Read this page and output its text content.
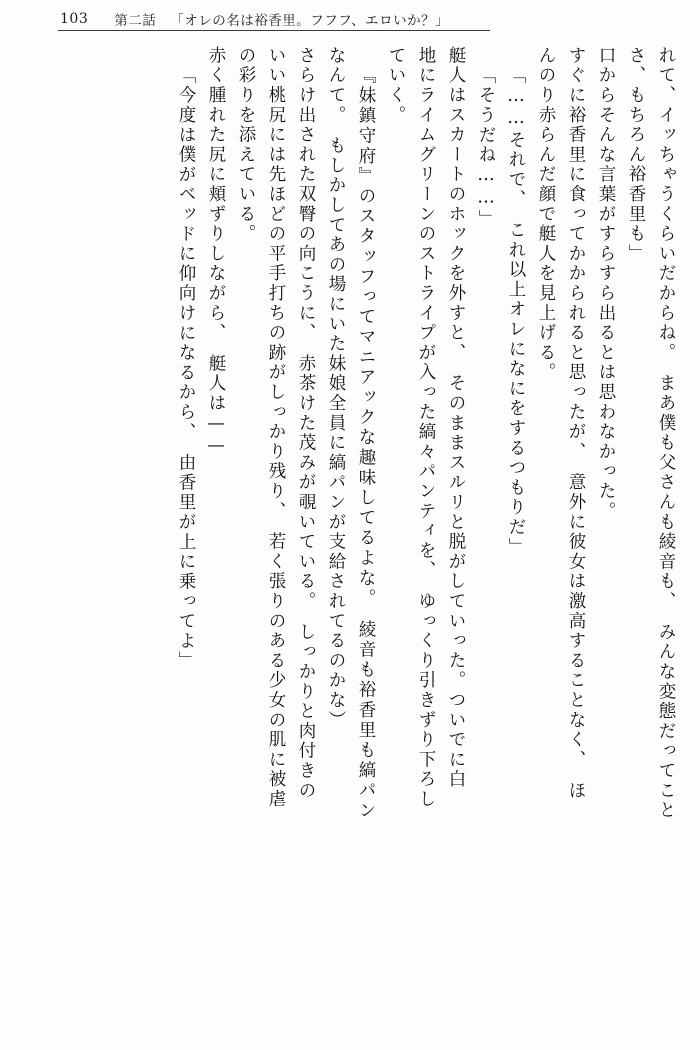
103 第二話 「オレの名は裕香里。フフフ、エロいか？」
れて、イッちゃうくらいだからね。　まあ僕も父さんも綾音も、　みんな変態だってこと
さ、もちろん裕香里も」
口からそんな言葉がすらすら出るとは思わなかった。
すぐに裕香里に食ってかかられると思ったが、　意外に彼女は激高することなく、　ほ
んのり赤らんだ顔で艇人を見上げる。
「……それで、　これ以上オレになにをするつもりだ」
「そうだね……」
艇人はスカートのホックを外すと、　そのままスルリと脱がしていった。ついでに白
地にライムグリーンのストライプが入った縞々パンティを、　ゆっくり引きずり下ろし
ていく。
『妹鎮守府』のスタッフってマニアックな趣味してるよな。　綾音も裕香里も縞パン
なんて。　もしかしてあの場にいた妹娘全員に縞パンが支給されてるのかな）
さらけ出された双臀の向こうに、　赤茶けた茂みが覗いている。　しっかりと肉付きの
いい桃尻には先ほどの平手打ちの跡がしっかり残り、　若く張りのある少女の肌に被虐
の彩りを添えている。
赤く腫れた尻に頬ずりしながら、　艇人は——
「今度は僕がベッドに仰向けになるから、　由香里が上に乗ってよ」
